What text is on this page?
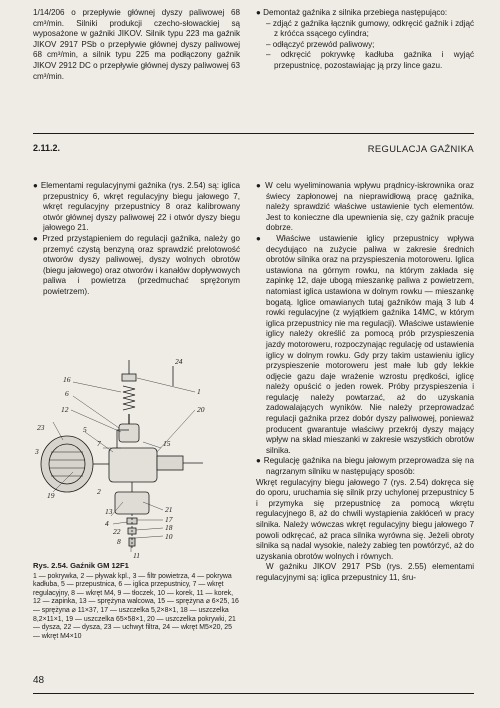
1/14/206 o przepływie głównej dyszy paliwowej 68 cm³/min. Silniki produkcji czecho-słowackiej są wyposażone w gaźniki JIKOV. Silnik typu 223 ma gaźnik JIKOV 2917 PSb o przepływie głównej dyszy paliwowej 68 cm³/min, a silnik typu 225 ma podłączony gaźnik JIKOV 2912 DC o przepływie głównej dyszy paliwowej 63 cm³/min.

● Demontaż gaźnika z silnika przebiega następująco:

– zdjąć z gaźnika łącznik gumowy, odkręcić gaźnik i zdjąć z króćca ssącego cylindra;

– odłączyć przewód paliwowy;

– odkręcić pokrywkę kadłuba gaźnika i wyjąć przepustnicę, pozostawiając ją przy lince gazu.

2.11.2.	REGULACJA GAŹNIKA

● Elementami regulacyjnymi gaźnika (rys. 2.54) są: iglica przepustnicy 6, wkręt regulacyjny biegu jałowego 7, wkręt regulacyjny przepustnicy 8 oraz kalibrowany otwór głównej dyszy paliwowej 22 i otwór dyszy biegu jałowego 21.

● Przed przystąpieniem do regulacji gaźnika, należy go przemyć czystą benzyną oraz sprawdzić prelotowość otworów dyszy paliwowej, dyszy wolnych obrotów (biegu jałowego) oraz otworów i kanałów dopływowych paliwa i powietrza (przedmuchać sprężonym powietrzem).

24
16
6
12
1
20
5
7	15
23
3
19	2
13
4
22
8
21
17
18
10
11
Rys. 2.54. Gaźnik GM 12F1
1 — pokrywka, 2 — pływak kpl., 3 — filtr powietrza, 4 — pokrywa kadłuba, 5 — przepustnica, 6 — iglica przepustnicy, 7 — wkręt regulacyjny, 8 — wkręt M4, 9 — tłoczek, 10 — korek, 11 — korek, 12 — zapinka, 13 — sprężyna walcowa, 15 — sprężyna ⌀ 6×25, 16 — sprężyna ⌀ 11×37, 17 — uszczelka 5,2×8×1, 18 — uszczelka 8,2×11×1, 19 — uszczelka 65×58×1, 20 — uszczelka pokrywki, 21 — dysza, 22 — dysza, 23 — uchwyt filtra, 24 — wkręt M5×20, 25 — wkręt M4×10

● W celu wyeliminowania wpływu prądnicy-iskrownika oraz świecy zapłonowej na nieprawidłową pracę gaźnika, należy sprawdzić właściwe ustawienie tych elementów. Jest to konieczne dla upewnienia się, czy gaźnik pracuje dobrze.

● Właściwe ustawienie iglicy przepustnicy wpływa decydująco na zużycie paliwa w zakresie średnich obrotów silnika oraz na przyspieszenia motoroweru. Iglica ustawiona na górnym rowku, na którym zakłada się zapinkę 12, daje ubogą mieszankę paliwa z powietrzem, natomiast iglica ustawiona w dolnym rowku — mieszankę bogatą. Iglice omawianych tutaj gaźników mają 3 lub 4 rowki regulacyjne (z wyjątkiem gaźnika 14MC, w którym iglica przepustnicy nie ma regulacji). Właściwe ustawienie iglicy należy określić za pomocą prób przyspieszenia jazdy motoroweru, rozpoczynając regulację od ustawienia iglicy w dolnym rowku. Gdy przy takim ustawieniu iglicy przyspieszenie motoroweru jest małe lub gdy lekkie odjęcie gazu daje wrażenie wzrostu prędkości, iglicę należy opuścić o jeden rowek. Próby przyspieszenia i regulację należy powtarzać, aż do uzyskania zadowalających wyników. Nie należy przeprowadzać regulacji gaźnika przez dobór dyszy paliwowej, ponieważ producent gwarantuje właściwy przekrój dyszy mający wpływ na skład mieszanki w zakresie wszystkich obrotów silnika.

● Regulację gaźnika na biegu jałowym przeprowadza się na nagrzanym silniku w następujący sposób:

Wkręt regulacyjny biegu jałowego 7 (rys. 2.54) dokręca się do oporu, uruchamia się silnik przy uchylonej przepustnicy 5 i przymyka się przepustnicę za pomocą wkrętu regulacyjnego 8, aż do chwili wystąpienia zakłóceń w pracy silnika. Należy wówczas wkręt regulacyjny biegu jałowego 7 powoli odkręcać, aż praca silnika wyrówna się. Jeżeli obroty silnika są nadal wysokie, należy zabieg ten powtórzyć, aż do uzyskania obrotów wolnych i równych.

W gaźniku JIKOV 2917 PSb (rys. 2.55) elementami regulacyjnymi są: iglica przepustnicy 11, śru-

48
